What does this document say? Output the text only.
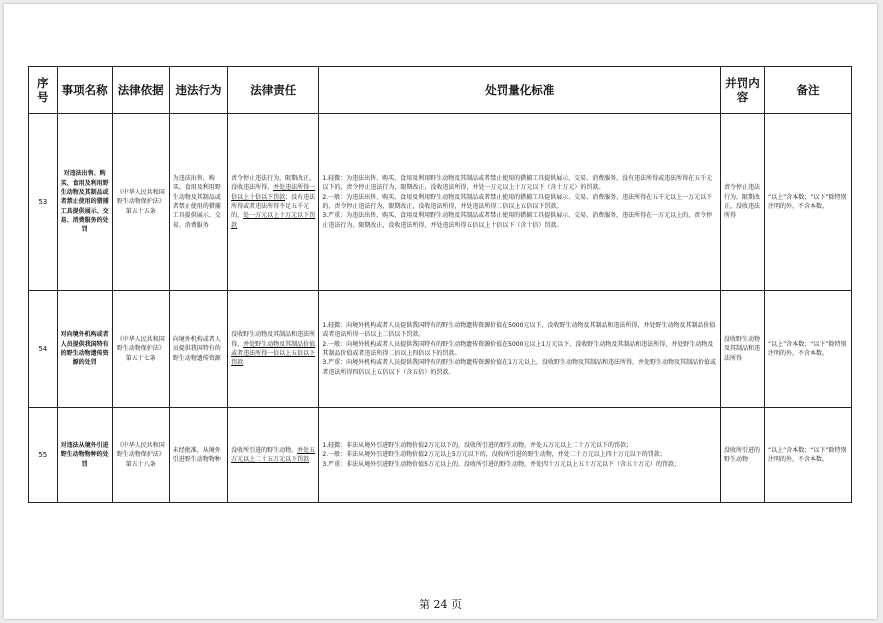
序号	事项名称	法律依据	违法行为	法律责任	处罚量化标准	并罚内容	备注
53	对违法出售、购买、食用及利用野生动物及其制品或者禁止使用的猎捕工具提供展示、交易、消费服务的处罚	《中华人民共和国野生动物保护法》第五十五条	为违法出售、购买、食用及利用野生动物及其制品或者禁止使用的猎捕工具提供展示、交易、消费服务	责令停止违法行为，限期改正，没收违法所得，并处违法所得一倍以上十倍以下罚款；没有违法所得或者违法所得不足五千元的，处一万元以上十万元以下罚款	1.轻微：为违法出售、购买、食用及利用野生动物及其制品或者禁止使用的猎捕工具提供展示、交易、消费服务，没有违法所得或违法所得在五千元以下的，责令停止违法行为，限期改正，没收违法所得，并处一万元以上十万元以下（含十万元）的罚款。

2.一般：为违法出售、购买、食用及利用野生动物及其制品或者禁止使用的猎捕工具提供展示、交易、消费服务，违法所得在五千元以上一万元以下的，责令停止违法行为，限期改正，没收违法所得，并处违法所得二倍以上五倍以下罚款。

3.严重：为违法出售、购买、食用及利用野生动物及其制品或者禁止使用的猎捕工具提供展示、交易、消费服务，违法所得在一万元以上的，责令停止违法行为，限期改正，没收违法所得，并处违法所得五倍以上十倍以下（含十倍）罚款。	责令停止违法行为，限期改正，没收违法所得	“以上”含本数；“以下”除特别注明的外，不含本数。
54	对向境外机构或者人员提供我国特有的野生动物遗传资源的处罚	《中华人民共和国野生动物保护法》第五十七条	向境外机构或者人员提供我国特有的野生动物遗传资源	没收野生动物及其制品和违法所得，并处野生动物及其制品价值或者违法所得一倍以上五倍以下罚款	1.轻微：向境外机构或者人员提供我国特有的野生动物遗传资源价值在5000元以下，没收野生动物及其制品和违法所得，并处野生动物及其制品价值或者违法所得一倍以上二倍以下罚款。

2.一般：向境外机构或者人员提供我国特有的野生动物遗传资源价值在5000元以上1万元以下，没收野生动物及其制品和违法所得，并处野生动物及其制品价值或者违法所得二倍以上四倍以下的罚款。

3.严重：向境外机构或者人员提供我国特有的野生动物遗传资源价值在1万元以上，没收野生动物及其制品和违法所得，并处野生动物及其制品价值或者违法所得四倍以上五倍以下（含五倍）的罚款。	没收野生动物及其制品和违法所得	“以上”含本数；“以下”除特别注明的外，不含本数。
55	对违法从境外引进野生动物物种的处罚	《中华人民共和国野生动物保护法》第五十八条	未经批准，从境外引进野生动物物种	没收所引进的野生动物，并处五万元以上二十五万元以下罚款	1.轻微：非法从境外引进野生动物价值2万元以下的，没收所引进的野生动物，并处五万元以上二十万元以下的罚款；

2.一般：非法从境外引进野生动物价值2万元以上5万元以下的，没收所引进的野生动物，并处二十万元以上四十万元以下的罚款；

3.严重：非法从境外引进野生动物价值5万元以上的，没收所引进的野生动物，并处四十万元以上五十万元以下（含五十万元）的罚款；	没收所引进的野生动物	“以上”含本数；“以下”除特别注明的外，不含本数。
第 24 页
